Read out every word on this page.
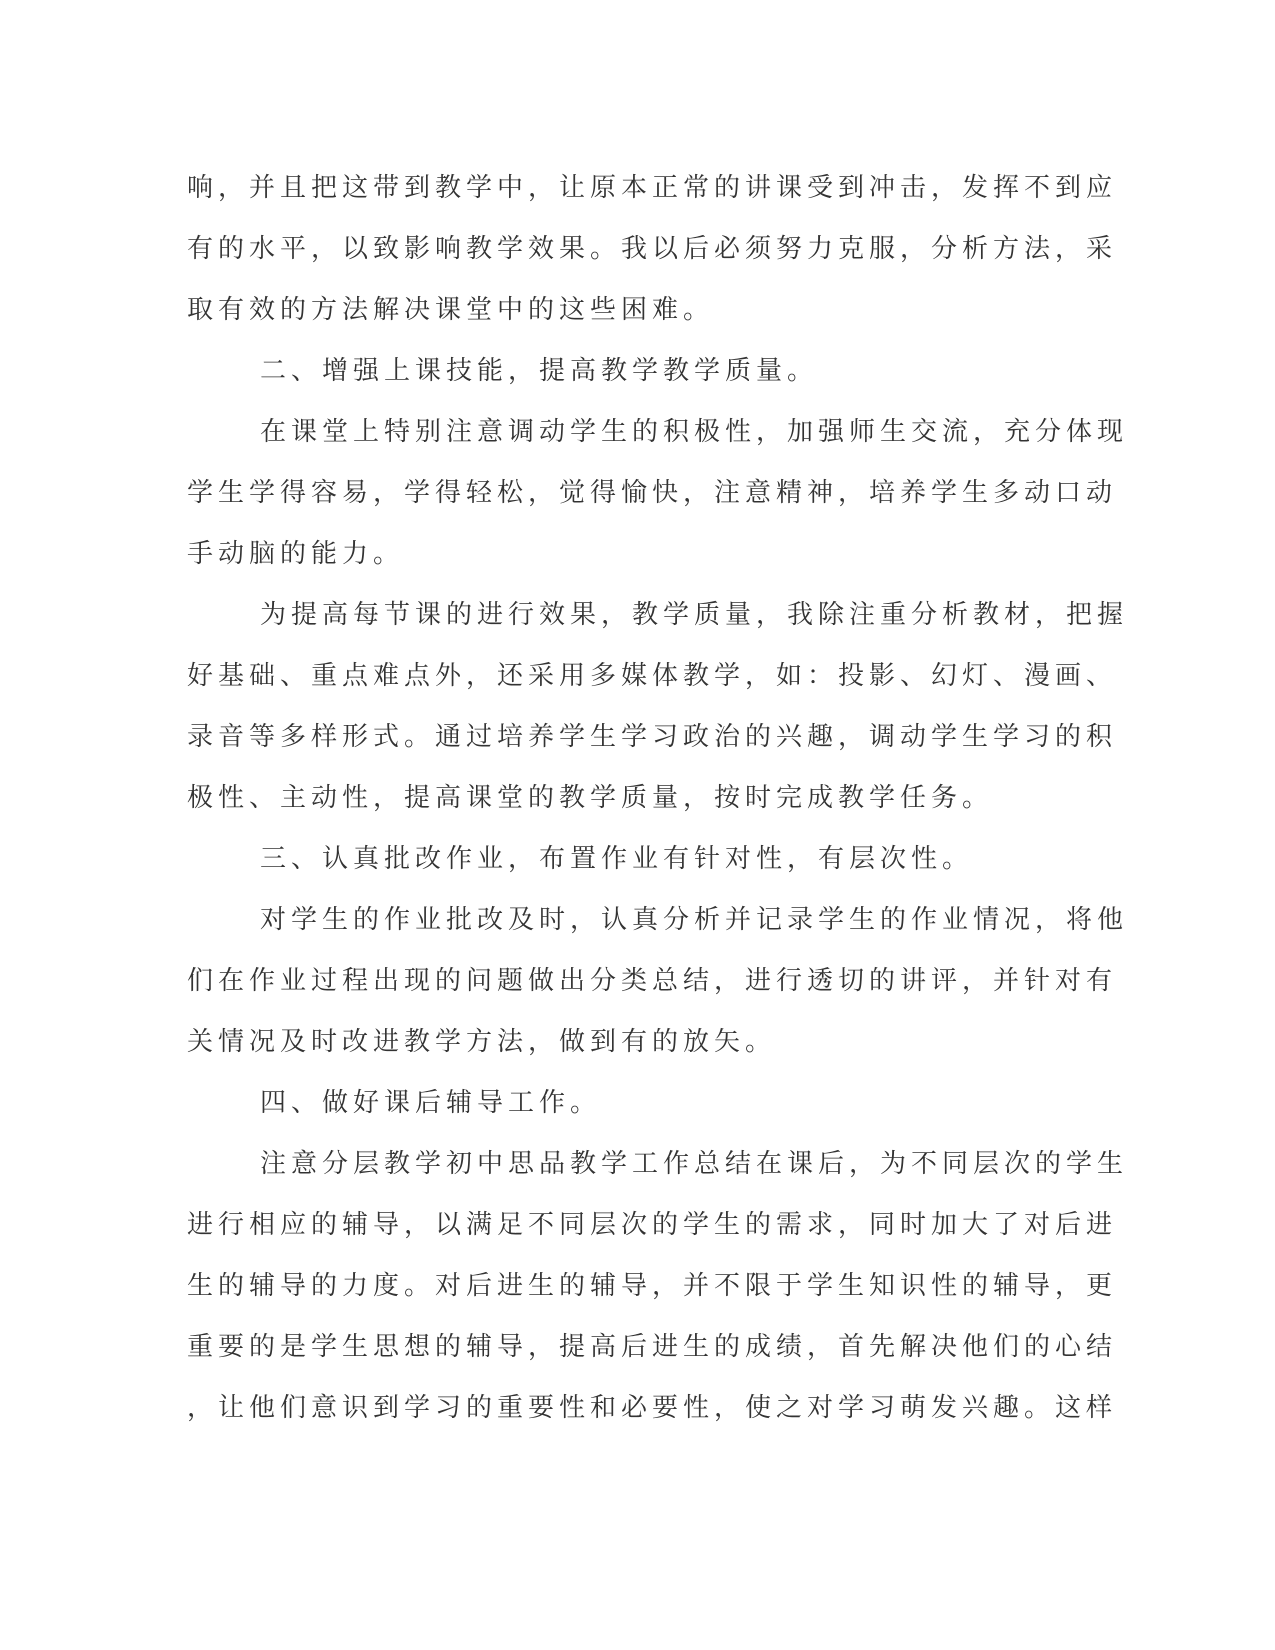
响，并且把这带到教学中，让原本正常的讲课受到冲击，发挥不到应
有的水平，以致影响教学效果。我以后必须努力克服，分析方法，采
取有效的方法解决课堂中的这些困难。
二、增强上课技能，提高教学教学质量。
在课堂上特别注意调动学生的积极性，加强师生交流，充分体现
学生学得容易，学得轻松，觉得愉快，注意精神，培养学生多动口动
手动脑的能力。
为提高每节课的进行效果，教学质量，我除注重分析教材，把握
好基础、重点难点外，还采用多媒体教学，如：投影、幻灯、漫画、
录音等多样形式。通过培养学生学习政治的兴趣，调动学生学习的积
极性、主动性，提高课堂的教学质量，按时完成教学任务。
三、认真批改作业，布置作业有针对性，有层次性。
对学生的作业批改及时，认真分析并记录学生的作业情况，将他
们在作业过程出现的问题做出分类总结，进行透切的讲评，并针对有
关情况及时改进教学方法，做到有的放矢。
四、做好课后辅导工作。
注意分层教学初中思品教学工作总结在课后，为不同层次的学生
进行相应的辅导，以满足不同层次的学生的需求，同时加大了对后进
生的辅导的力度。对后进生的辅导，并不限于学生知识性的辅导，更
重要的是学生思想的辅导，提高后进生的成绩，首先解决他们的心结
，让他们意识到学习的重要性和必要性，使之对学习萌发兴趣。这样
